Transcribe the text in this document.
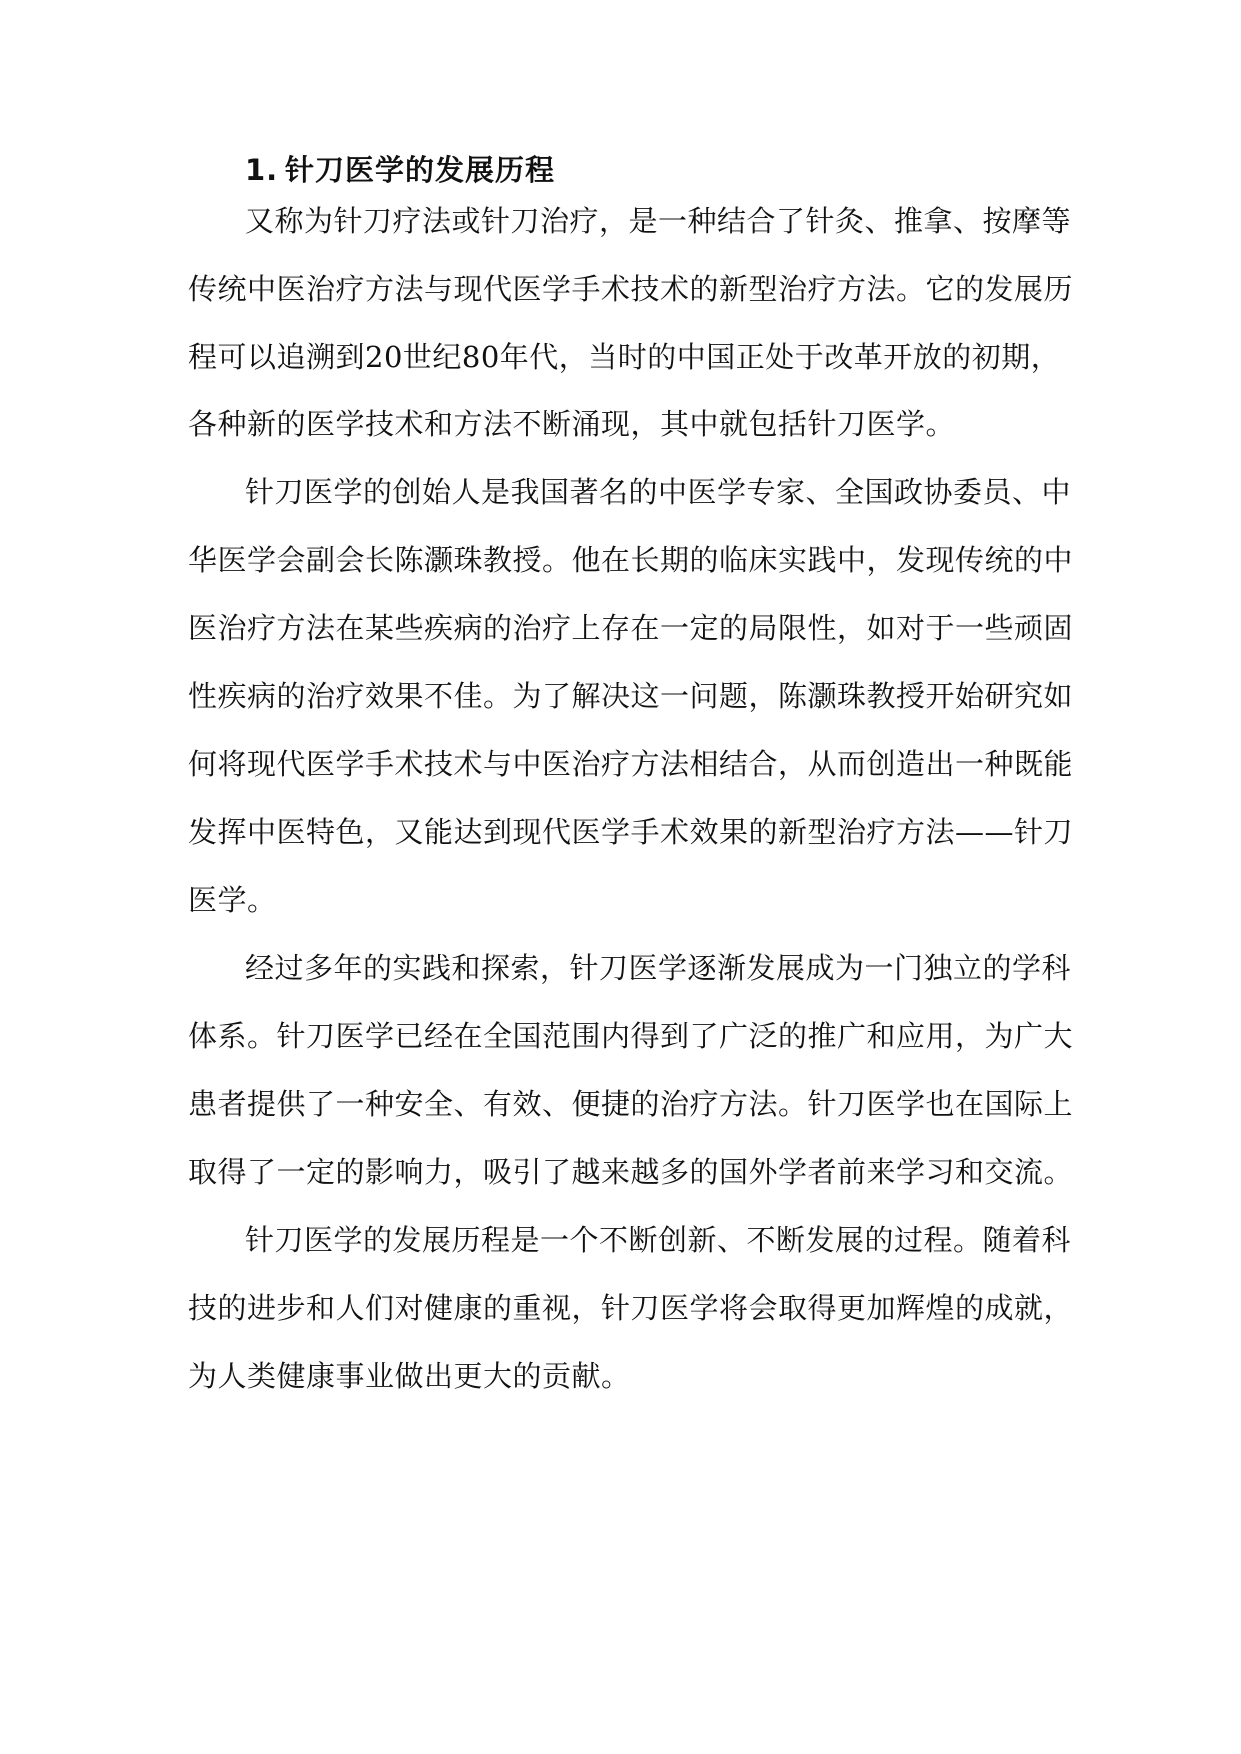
1. 针刀医学的发展历程
又称为针刀疗法或针刀治疗，是一种结合了针灸、推拿、按摩等
传统中医治疗方法与现代医学手术技术的新型治疗方法。它的发展历
程可以追溯到20世纪80年代，当时的中国正处于改革开放的初期，
各种新的医学技术和方法不断涌现，其中就包括针刀医学。
针刀医学的创始人是我国著名的中医学专家、全国政协委员、中
华医学会副会长陈灏珠教授。他在长期的临床实践中，发现传统的中
医治疗方法在某些疾病的治疗上存在一定的局限性，如对于一些顽固
性疾病的治疗效果不佳。为了解决这一问题，陈灏珠教授开始研究如
何将现代医学手术技术与中医治疗方法相结合，从而创造出一种既能
发挥中医特色，又能达到现代医学手术效果的新型治疗方法——针刀
医学。
经过多年的实践和探索，针刀医学逐渐发展成为一门独立的学科
体系。针刀医学已经在全国范围内得到了广泛的推广和应用，为广大
患者提供了一种安全、有效、便捷的治疗方法。针刀医学也在国际上
取得了一定的影响力，吸引了越来越多的国外学者前来学习和交流。
针刀医学的发展历程是一个不断创新、不断发展的过程。随着科
技的进步和人们对健康的重视，针刀医学将会取得更加辉煌的成就，
为人类健康事业做出更大的贡献。
